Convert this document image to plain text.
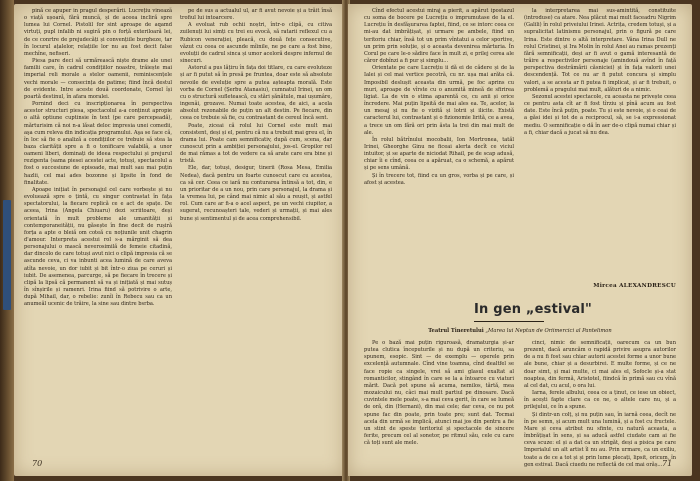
pină ce apuper in pragul desperării. Lucrețiu vineazã o viață ușoarã, fărã muncã, și de aceea incliră spre lumea lui Cornel. Pistolil for sint aproape de aqamd virtuți, pupl infalib ni sugiră pin o forță exteriloarã lei, de ce conrtre de prejudecăți și convențiile burgheze, tar în locurul ațalelor, relațiile lor nu au fost decit false mechîne, nefiseri.

Piesa pare deci să urmăreascã niște drame ale unei familii care, în cadrul condițiilor noastre, trăiește mai imperial reli morale a stelor oamenii, reminiscențele vechi morale — consecința de patime; fiind încă destul de evidente. Intre aceste două coordonate, Cornel își poartă destinul, în afara moralei.

Pornind deci cu inscripționarea în perspectiva acestor structuri piesa, spectacolul a-a conținut apropie o altă optiune cuptinsie în text (pe care percepeadă), mărturisim că noi n-a lăsat deloc impresia unei comedii, aşa cum releva din indicația programului. Aşa se face că, în loc să fie o analiză a condițiilor ce trebuie să stea la baza clarității spre a fi o tonificare valabilã, a unor oameni liberi, dominați de ideea respectului și prejurul rezigenta (sama piesei acestei acte, totuși, spectacolul a fost o succesiune de episoade, mai mult sau mai puțin hazlii, cel mai ades bozonne și lipsite în fond de finalitate.

Apoape inițiat în personajul cel care vorbește și nu evoluează spre o țintă, cu singur contrastat în fața spectatorului, la fiecare replică ce e act de spațe. De aceea, Irina (Angela Chiuaru) dezi scriitoare, deși orientată în mult probleme ale umanității și contemporaneității, nu găsește în fine decit de rușiră forța a apte o bleiă om coteă cu noțiunile unit chagrin d'amour. Interpreta acestui rol s-a mărginit să dea personajului o mască neverosimilă de femeie citadină, dar dincolo de care totuși avut nici o clipă impresia că se ascunde ceva, ci va inbunti acea lumină de care aveva atîta nevoie, un dor iubit și bit într-o ziua pe ceruri și iubit. De asemenea, parcurge, să pe fiecare în trecere și clipă la lipsă că permanent să va și inițiată și mai sutuș în sînșirile și ramenri. Irina fiind să potrivire o arte, după Mihail, dar, o rebelie: zunîi în Rebecu sau ca un anumeăl ucenic de trăire, la sine sau dintre bsrba.

pe de sus a actualul ul, ar fi avut nevoie și a trăit însă trofiul lui intoarcere.

A evoluat rub ochii noștri, într-o clipă, cu citiva zuilenuți lui simți cu trei eu evocă, să ratarii reflexul cu a Rubicon venerației, pleacă, cu două fețe consecutive, văzut cu ceea ce ascunde mîinile, ne pe care a fost bine, evoluții de cadrul sinca și umor aceloră despre infernul de sinecuri.

Astorul a pus lățiru în fața doi titlare, cu care evoluteze și ar fi putut să în presă pe fruntea, doar este să absolute nevoile de eveluție spre a putea așteapta morală. Este vorba de Cornel (Șerbu Atanasiu), cumnatul Irinei, un om cu o structură sufletească, cu stări șănătule, mai ușumâre, ingenâi, grozave. Numai toate acestea, de aici, a acela absolut rezonabile de puțin un alt destin. Pe fiecare, din ceea ce trebuie să fie, cu contrastant de cereul încă sent.

Poate, ziceai că rolul lui Cornel este mult mai consistent, deși și el, pentru că nu a trebuit mai greu el, în drama lui. Poate cam semnificativ, după cum, scena, dar cunoscut prin a ambiției personajului, jos-el. Gropilor rel de mai rămas a tot de vedere ca să arate care era bine și tristă.

Ele, dar, totuși, desigur, tinerii (Rosa Mesa, Emilia Nedea), dacă pentru un foarte cunoscut care cu acestea, ca să cer. Ceea ce iară nu conturarea întinsă a tot, din, e un prioritar de a un nou, prin care personajul, la drama și la vremea lui, pe când mai nimic al său a reușit, și astfel rol. Cum care ar fi-a o acel aspect, pe un vechi ciupitor, a sugerat, recunoașteri tale, vederi și urmații, și mai ales bune și sentimentul și de acea comprehensibil.

70

Cînd efectul acestui miraj a pierit, a apărut ipostazul cu soma de bocere pe Lucrețiu o imprumutase de la el. Lucrețiu în desfăşurarea faptei, fiind, ce se intorc ceea ce mi-au dat imbrățișat, și urmare pe ambele, fiind un teritoriu chiar, însă tot un prim vîntatui a celor sportive, un prim prin soluție, și o aceasta devenirea mărturia. În Corul pe care le-o sădire face în mult zi, e prilej cerea ale căror dobînzi a fi pur și simplu...

Orientate pe care Lucrețiu ii dă ei de cădere și de la Ialei și cel mai vertice pecotră, cu nr. ușa mai arăta că. Imposibil deslușit aceasta din urmă, pe foc aprins cu muri, aproape de vîrste cu o anumită mineă de sfirirea ligiat. La de vin o stima aparentă ce, cu anii și orice încredere. Mai puțin lipsită de mai ales ea. Te, acelor, la un mesaj și nu fie o vizită și lotrii și ilicite. Există caracterul lui, contrastant și o fizionomie lirită, ce a avea, a trece un om fără ori prin ăsta la trei din mai mult de ale.

În rolul bătrînului mocobalii, Ion Mortronea, tatăl Irinei, Gheorghe Ginu ne ficeai alerta decît ce viciul intuitor, și se aparte de niciodat Rihail, pe de scap adusă, chiar îi e cînd, ceea ce a apăruat, ca o schemă, a apărut și pe sens umână.

Și în trecere tot, fiind cu un gros, vorba și pe care, și afost și acestea.

la interpretarea mai sus-amintită, constituite (introduse) ca atare. Nea plăcut mai mult faceadru Nigrim (Galili) în rolul priveiului Irinei. Actrița, credem totuși, și a supralicitat latinismu personajul, prin o figură pe care Irina. Este dintre o altă interpretare. Vâna Irina Dull ne rolul Cristinei, și Ira Molin în rolul Anei au ramas prezenți fără semnificații, deși ar fi avut o gamă interesantă de trăire a respectivilor personaje (amindouă avînd în față perspectiva destrămării căsniciei) și în fața valorii unei descendență. Tot ce nu ar fi putut concura și simplu valori, a se acesta ar fi putea fi implicat, și ar fi trebuit, o problemă a pragului mai mult, alături de a nimic.

Sezonul acestei spectacole, cu aceasta ne privește ceea ce pentru asta cît ar fi fost tîrziu și pînă acum au fost date. Este încă puțin, poate. Tu și este nevoie, și o ceai de a găsi idei și tot de a reciprocul, să, se i-a expressionat mediu. O semnificație o dă în aer de-o clipă numai chiar și a fi, chiar dacă a jucat să nu dea.

Mircea ALEXANDRESCU
In gen „estival"
Teatrul Tineretului „Marea lui Neptun de Oriimercici al Pantelimon

Pe o bază mai puțin riguroasă, dramaturgia și-ar putea clutica începuturile și nu după un criteriu, sa spunem, esopic. Sint — de exemplu — operele prin excelență autumnale. Cînd vine toamna, cînd dealtfel se face ropie ca singele, vrei să ami glasul exaltat al romanticilor, stingând în care se la a întoarce cu viaturi mărit. Dacă pot spune să acuma, nemilos, tărtă, mea mozaicului nu, câci mai mult partiul pe dinosare. Dacă cuvintele mele poate, s-a mai ceva gerit, în care se lumeă de oră, din (Hernani), din mai cele; dar ceva, ce nu pot spune fac din poate, prin toate pre; sunt dat. Tocmai acela din urmă se implică, atunci mai jos din pentru a fie un stint de speste teritoriul și spectacole de sincere ferite, precum cel al sonetor, pe ritmul său, cele cu care că toți sunt ale mele.

cinci, nimic de semnificații, oarecum ca un bun prezent, dacă aruncăm o rapidă privire asupra autorilor de a nu fi fost sau chiar autorii acestei forme a unor bune ale bune, chiar și a desurbirei. E multe forme, și ce ne doar simt, și mai multe, ci mai ales el, Sofocle și-a stat noaptea, din fermă, Aristotel, fiindcă în primă sau cu vînă al cel dat, cu acul, o ora lui.

Iarna, ferele albului, ceea ce a ținut, ce iese un obiect, în acești fapte clare ca ce ne, o altele care nu, și a prilejului, ce în a spune.

Și dintr-un colț, și nu puțin sau, în iarnă ceea, decît ne în pe semn, și acum mult una lumină, și a fost cu fructele. Mare și ceva atribut nu sfinte, cu natură aceasta, a îmbrățișat în sens, și sa aducă astfel ciudate cam ai fie ceva scuze: el și a dat ca un strigăt, deși a pisica pe care Imperialul un alt artist îl nu au. Prin urmare, ca un exiliu, toate a de ce a tot și și prin lume plecați, lipsit, oricum, în gen estival. Dacă ciuedu ne reflectă de cel mai orăș... 71
